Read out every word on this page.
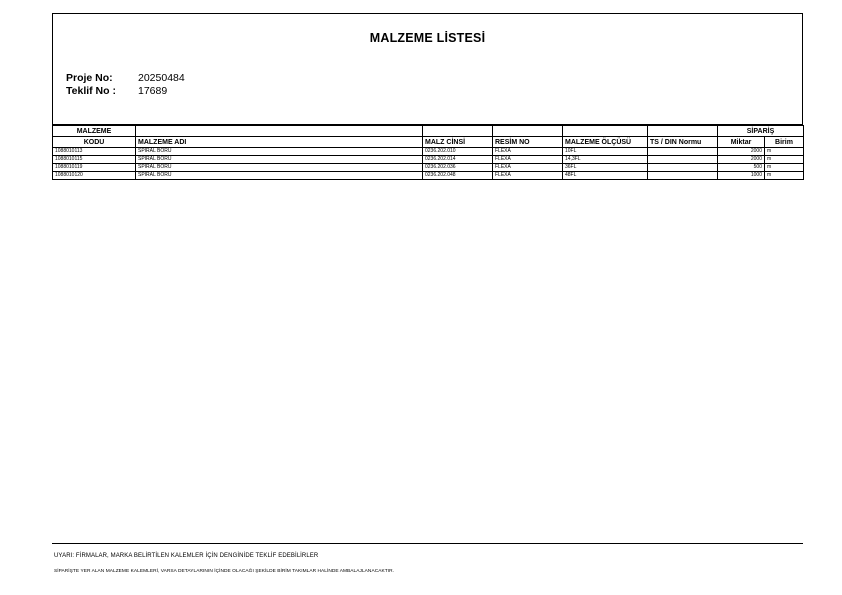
MALZEME LİSTESİ
Proje No: 20250484
Teklif No : 17689
MALZEME						SİPARİŞ	
KODU	MALZEME ADI	MALZ CİNSİ	RESİM NO	MALZEME ÖLÇÜSÜ	TS / DIN Normu	Miktar	Birim
1088010113	SPIRAL BORU	0236.202.010	FLEXA	10FL		2000	m
1088010115	SPIRAL BORU	0236.202.014	FLEXA	14,3FL		2000	m
1088010119	SPIRAL BORU	0236.202.036	FLEXA	36FL		500	m
1088010120	SPIRAL BORU	0236.202.048	FLEXA	48FL		1000	m
UYARI: FİRMALAR, MARKA BELİRTİLEN KALEMLER İÇİN DENGİNİDE TEKLİF EDEBİLİRLER
SİPARİŞTE YER ALAN MALZEME KALEMLERİ, VARSA DETAYLARININ İÇİNDE OLACAĞI ŞEKİLDE BİRİM TAKIMLAR HALİNDE AMBALAJLANACAKTIR.
